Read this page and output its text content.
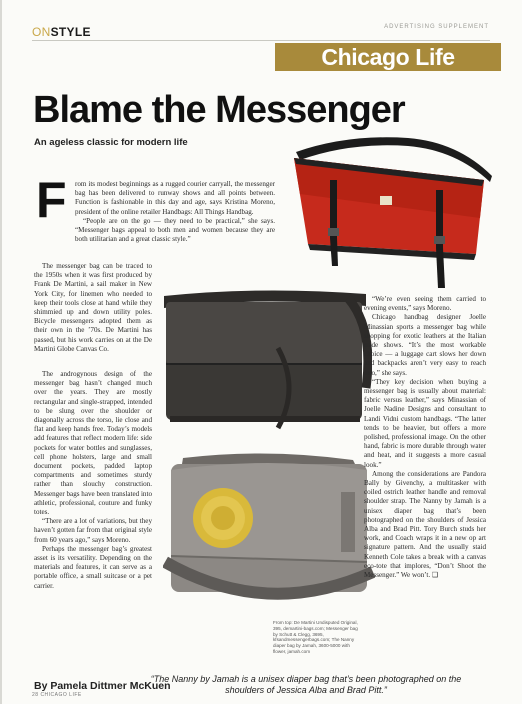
ONSTYLE	ADVERTISING SUPPLEMENT
Chicago Life
Blame the Messenger
An ageless classic for modern life
F	rom its modest beginnings as a rugged courier carryall, the messenger bag has been delivered to runway shows and all points between. Function is fashionable in this day and age, says Kristina Moreno, president of the online retailer Handbags: All Things Handbag.

“People are on the go — they need to be practical,” she says. “Messenger bags appeal to both men and women because they are both utilitarian and a great classic style.”

The messenger bag can be traced to the 1950s when it was first produced by Frank De Martini, a sail maker in New York City, for linemen who needed to keep their tools close at hand while they shimmied up and down utility poles. Bicycle messengers adopted them as their own in the ’70s. De Martini has passed, but his work carries on at the De Martini Globe Canvas Co.

The androgynous design of the messenger bag hasn’t changed much over the years. They are mostly rectangular and single-strapped, intended to be slung over the shoulder or diagonally across the torso, lie close and flat and keep hands free. Today’s models add features that reflect modern life: side pockets for water bottles and sunglasses, cell phone holsters, large and small document pockets, padded laptop compartments and sometimes sturdy rather than slouchy construction. Messenger bags have been translated into athletic, professional, couture and funky totes.

“There are a lot of variations, but they haven’t gotten far from that original style from 60 years ago,” says Moreno.

Perhaps the messenger bag’s greatest asset is its versatility. Depending on the materials and features, it can serve as a portable office, a small suitcase or a pet carrier.

“We’re even seeing them carried to evening events,” says Moreno.

Chicago handbag designer Joelle Minassian sports a messenger bag while shopping for exotic leathers at the Italian trade shows. “It’s the most workable choice — a luggage cart slows her down and backpacks aren’t very easy to reach into,” she says.

“They key decision when buying a messenger bag is usually about material: fabric versus leather,” says Minassian of Joelle Nadine Designs and consultant to Landi Vidni custom handbags. “The latter tends to be heavier, but offers a more polished, professional image. On the other hand, fabric is more durable through water and heat, and it suggests a more casual look.”

Among the considerations are Pandora Bally by Givenchy, a multitasker with coiled ostrich leather handle and removal shoulder strap. The Nanny by Jamah is a unisex diaper bag that’s been photographed on the shoulders of Jessica Alba and Brad Pitt. Tory Burch studs her work, and Coach wraps it in a new op art signature pattern. And the usually staid Kenneth Cole takes a break with a canvas eco-tote that implores, “Don’t Shoot the Messenger.” We won’t. ❑

From top: De Martini Undisputed Original, 395, demartini-bags.com; Messenger bag by Schutt & Clegg, 3695, kfsandmessengerbags.com; The Nanny diaper bag by Jamah, 3600-5000 with flower, jamah.com
By Pamela Dittmer McKuen
“The Nanny by Jamah is a unisex diaper bag that’s been photographed on the shoulders of Jessica Alba and Brad Pitt.”
28 CHICAGO LIFE
